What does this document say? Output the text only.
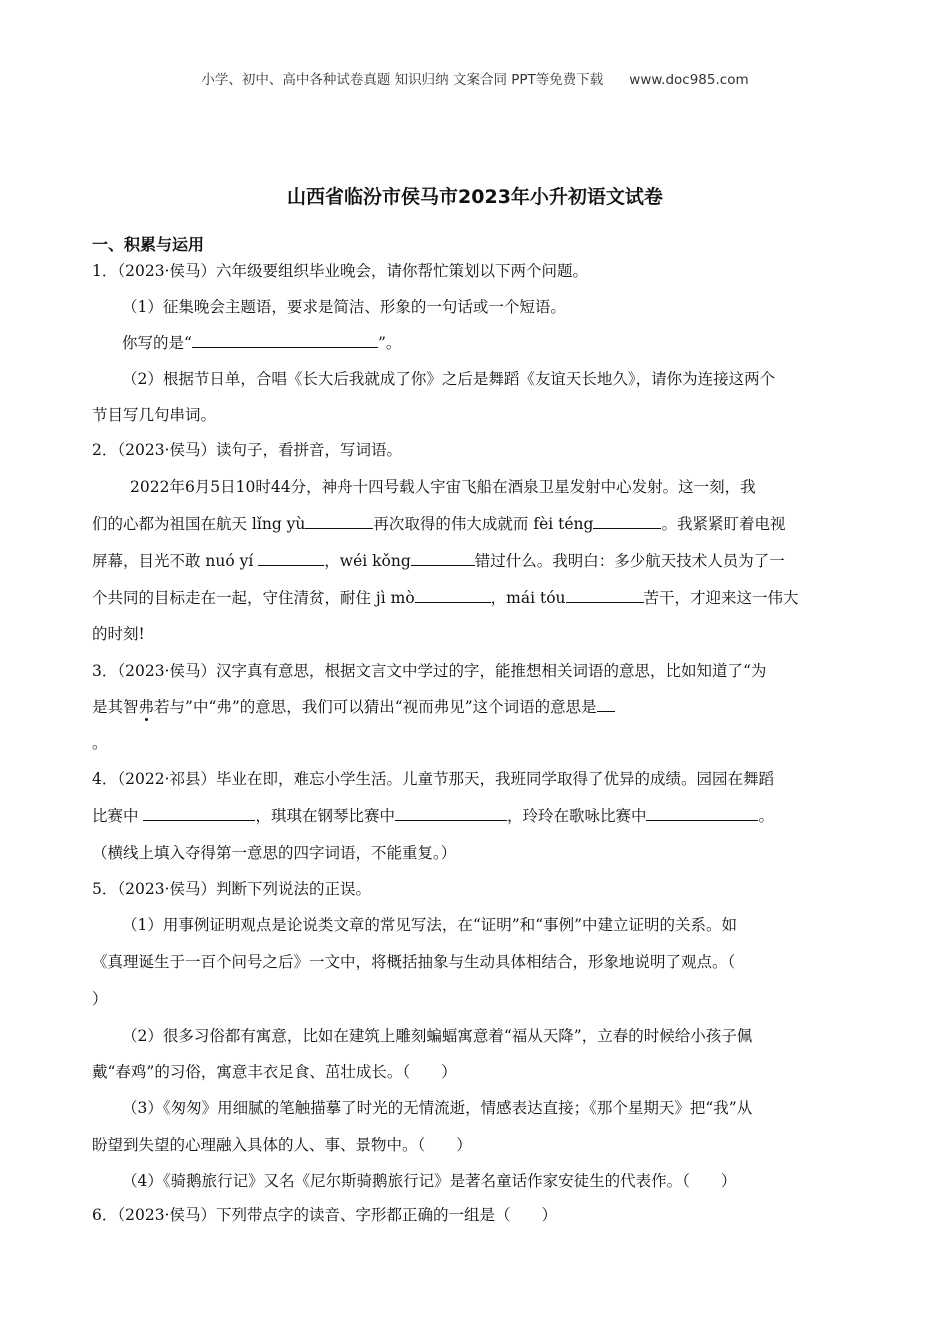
小学、初中、高中各种试卷真题 知识归纳 文案合同 PPT等免费下载 www.doc985.com
山西省临汾市侯马市2023年小升初语文试卷
一、积累与运用
1．（2023·侯马）六年级要组织毕业晚会，请你帮忙策划以下两个问题。
（1）征集晚会主题语，要求是简洁、形象的一句话或一个短语。
你写的是“	”。
（2）根据节日单，合唱《长大后我就成了你》之后是舞蹈《友谊天长地久》，请你为连接这两个
节目写几句串词。
2．（2023·侯马）读句子，看拼音，写词语。
2022年6月5日10时44分，神舟十四号载人宇宙飞船在酒泉卫星发射中心发射。这一刻，我
们的心都为祖国在航天 lǐng yù	再次取得的伟大成就而 fèi téng	。我紧紧盯着电视
屏幕，目光不敢 nuó yí	，wéi kǒng	错过什么。我明白：多少航天技术人员为了一
个共同的目标走在一起，守住清贫，耐住 jì mò	，mái tóu	苦干，才迎来这一伟大
的时刻!
3．（2023·侯马）汉字真有意思，根据文言文中学过的字，能推想相关词语的意思，比如知道了“为
是其智弗若与”中“弗”的意思，我们可以猜出“视而弗见”这个词语的意思是
。
4．（2022·祁县）毕业在即，难忘小学生活。儿童节那天，我班同学取得了优异的成绩。园园在舞蹈
比赛中	，琪琪在钢琴比赛中	，玲玲在歌咏比赛中	。
（横线上填入夺得第一意思的四字词语，不能重复。）
5．（2023·侯马）判断下列说法的正误。
（1）用事例证明观点是论说类文章的常见写法，在“证明”和“事例”中建立证明的关系。如
《真理诞生于一百个问号之后》一文中，将概括抽象与生动具体相结合，形象地说明了观点。（
）
（2）很多习俗都有寓意，比如在建筑上雕刻蝙蝠寓意着“福从天降”，立春的时候给小孩子佩
戴“春鸡”的习俗，寓意丰衣足食、茁壮成长。（　　）
（3）《匆匆》用细腻的笔触描摹了时光的无情流逝，情感表达直接；《那个星期天》把“我”从
盼望到失望的心理融入具体的人、事、景物中。（　　）
（4）《骑鹅旅行记》又名《尼尔斯骑鹅旅行记》是著名童话作家安徒生的代表作。（　　）
6．（2023·侯马）下列带点字的读音、字形都正确的一组是（　　）
